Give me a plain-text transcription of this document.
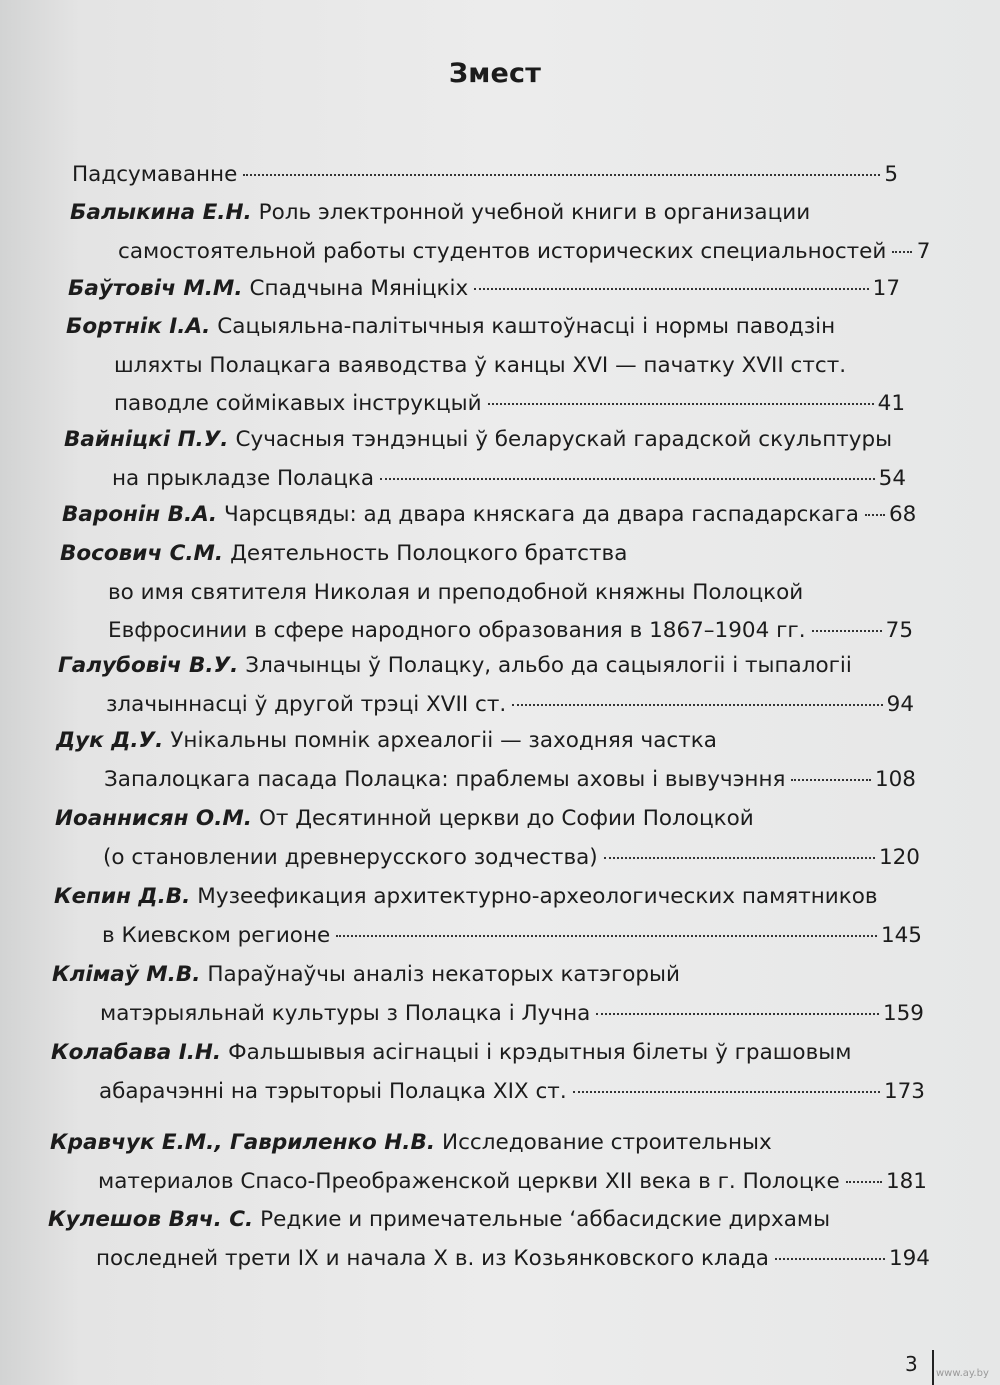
Змест
Падсумаванне	5
Балыкина Е.Н. Роль электронной учебной книги в организации
самостоятельной работы студентов исторических специальностей 7
Баўтовіч М.М. Спадчына Мяніцкіх	17
Бортнік І.А. Сацыяльна-палітычныя каштоўнасці і нормы паводзін
шляхты Полацкага ваяводства ў канцы XVI — пачатку XVII стст.
паводле соймікавых інструкцый	41
Вайніцкі П.У. Сучасныя тэндэнцыі ў беларускай гарадской скульптуры
на прыкладзе Полацка	54
Варонін В.А. Чарсцвяды: ад двара княскага да двара гаспадарскага 68
Восович С.М. Деятельность Полоцкого братства
во имя святителя Николая и преподобной княжны Полоцкой
Евфросинии в сфере народного образования в 1867–1904 гг.	75
Галубовіч В.У. Злачынцы ў Полацку, альбо да сацыялогіі і тыпалогіі
злачыннасці ў другой трэці XVII ст.	94
Дук Д.У. Унікальны помнік археалогіі — заходняя частка
Запалоцкага пасада Полацка: праблемы аховы і вывучэння	108
Иоаннисян О.М. От Десятинной церкви до Софии Полоцкой
(о становлении древнерусского зодчества)	120
Кепин Д.В. Музеефикация архитектурно-археологических памятников
в Киевском регионе	145
Клімаў М.В. Параўнаўчы аналіз некаторых катэгорый
матэрыяльнай культуры з Полацка і Лучна	159
Колабава І.Н. Фальшывыя асігнацыі і крэдытныя білеты ў грашовым
абарачэнні на тэрыторыі Полацка XIX ст.	173
Кравчук Е.М., Гавриленко Н.В. Исследование строительных
материалов Спасо-Преображенской церкви XII века в г. Полоцке 181
Кулешов Вяч. С. Редкие и примечательные ‘аббасидские дирхамы
последней трети IX и начала X в. из Козьянковского клада	194
3 www.ay.by
